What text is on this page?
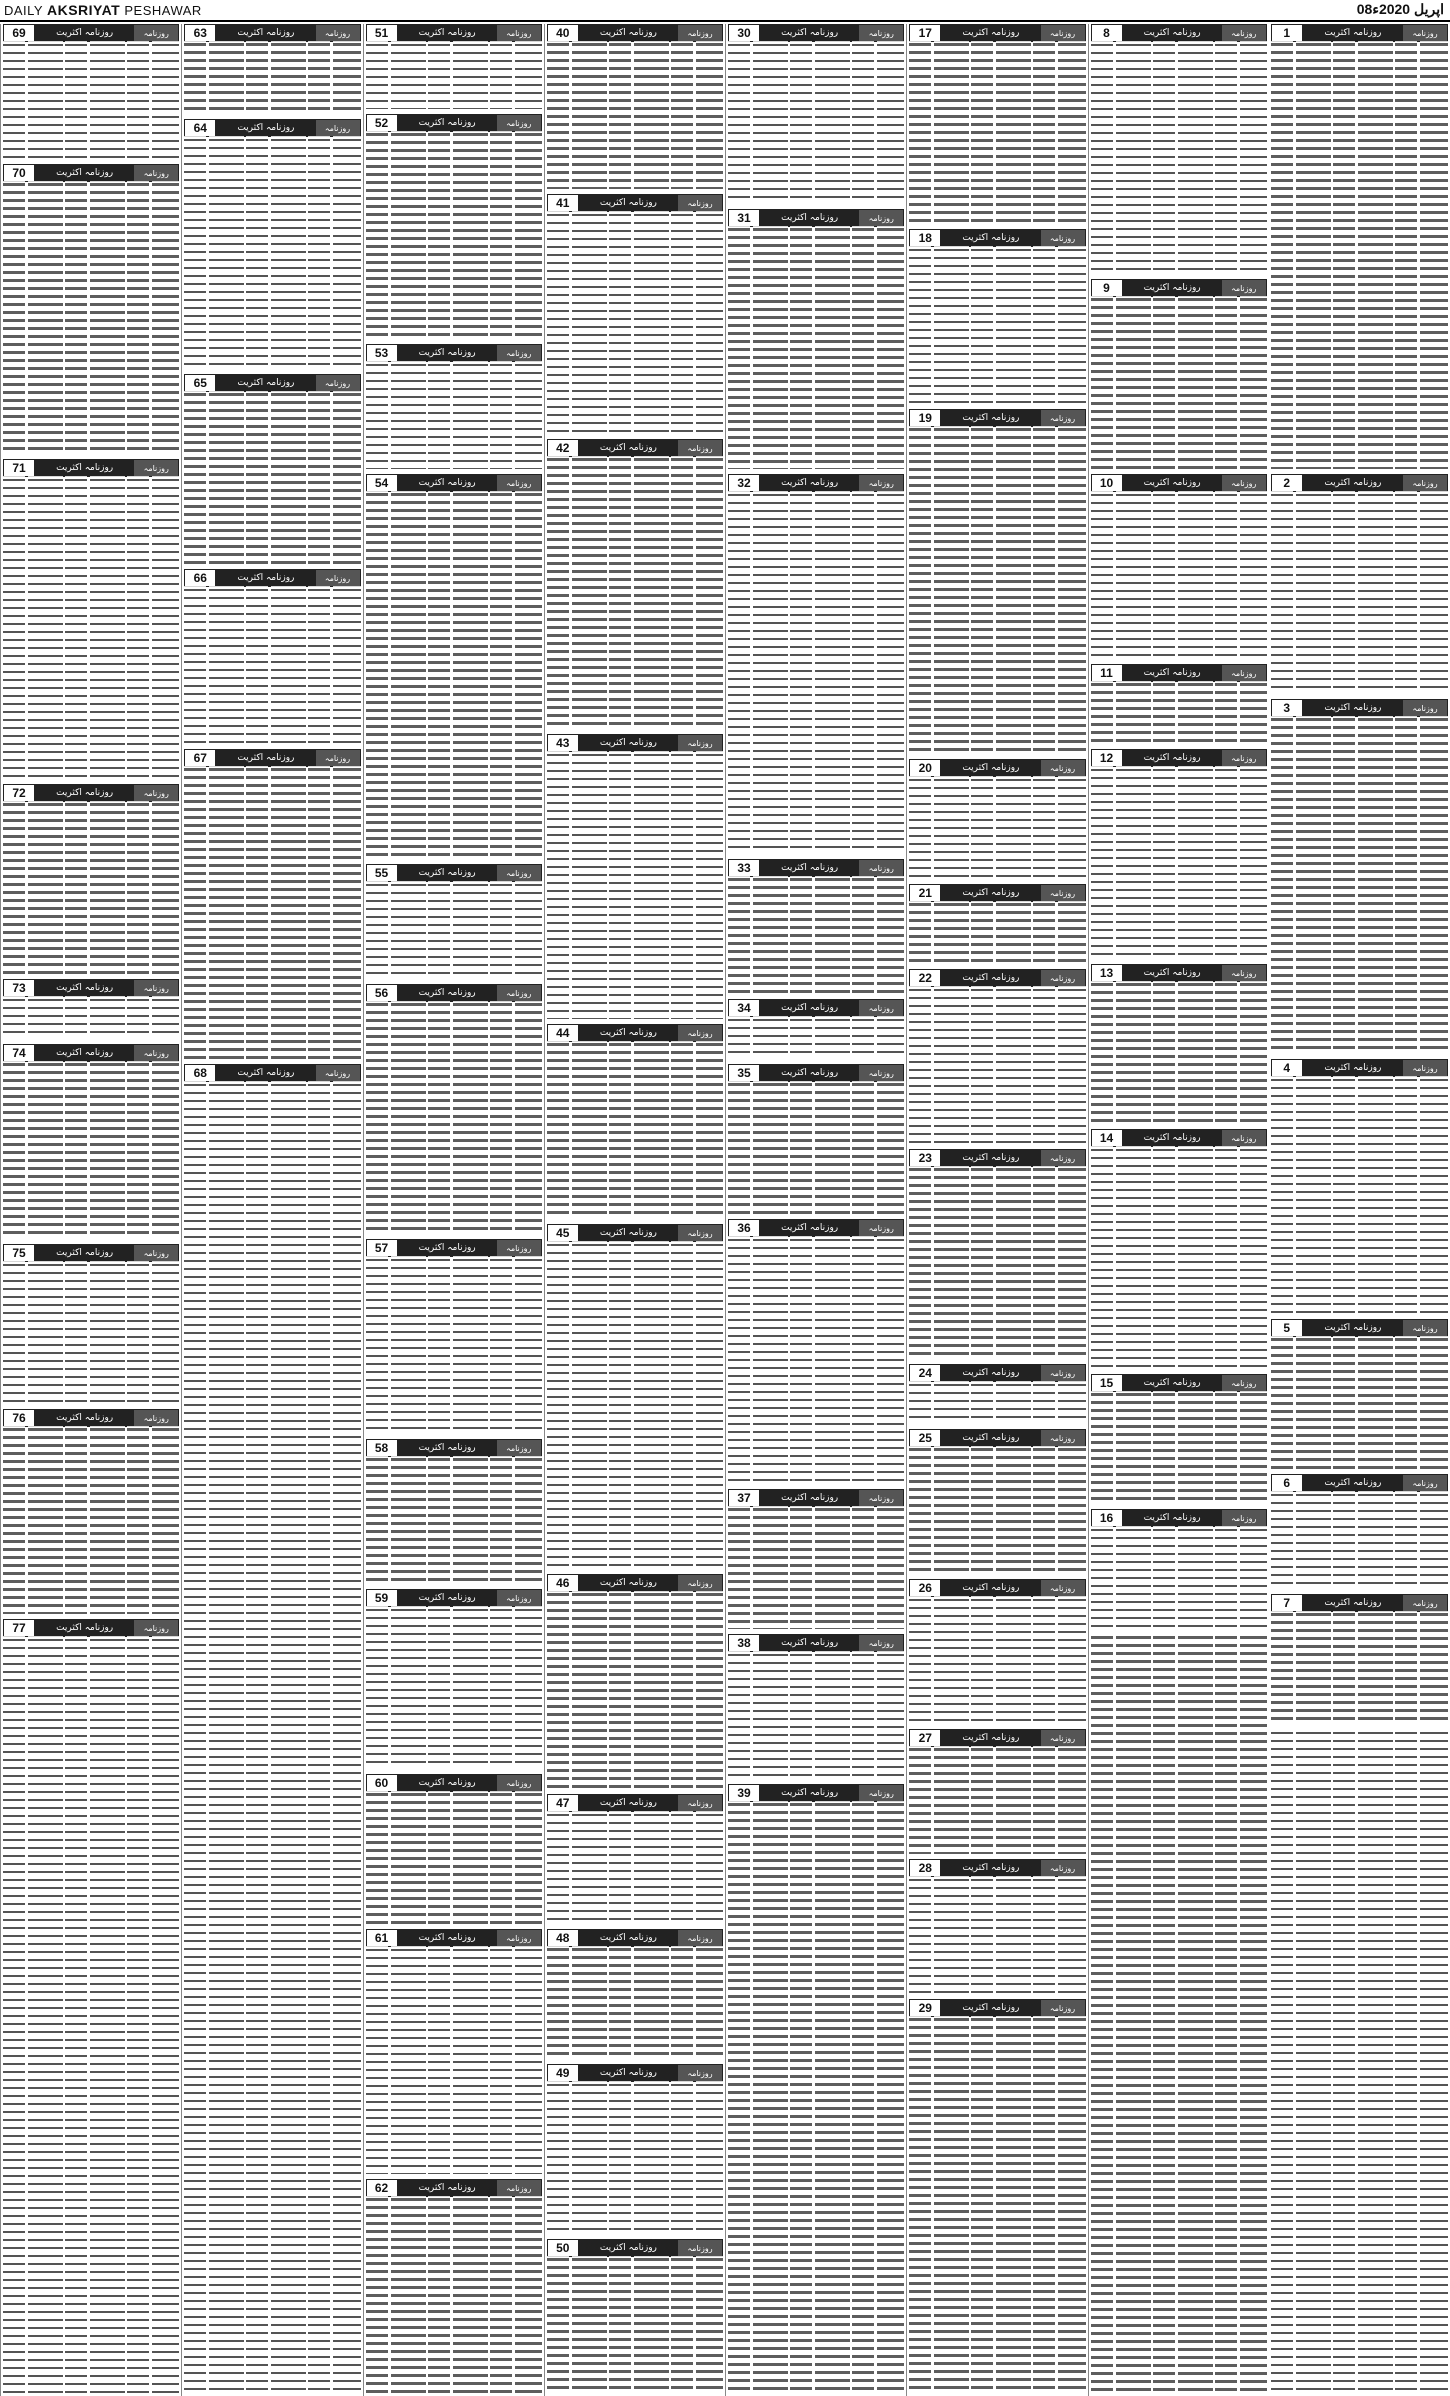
DAILY AKSRIYAT PESHAWAR	08اپریل 2020ء
1	روزنامہ اکثریت	روزنامہ
2	روزنامہ اکثریت	روزنامہ
3	روزنامہ اکثریت	روزنامہ
4	روزنامہ اکثریت	روزنامہ
5	روزنامہ اکثریت	روزنامہ
6	روزنامہ اکثریت	روزنامہ
7	روزنامہ اکثریت	روزنامہ
8	روزنامہ اکثریت	روزنامہ
9	روزنامہ اکثریت	روزنامہ
10	روزنامہ اکثریت	روزنامہ
11	روزنامہ اکثریت	روزنامہ
12	روزنامہ اکثریت	روزنامہ
13	روزنامہ اکثریت	روزنامہ
14	روزنامہ اکثریت	روزنامہ
15	روزنامہ اکثریت	روزنامہ
16	روزنامہ اکثریت	روزنامہ
17	روزنامہ اکثریت	روزنامہ
18	روزنامہ اکثریت	روزنامہ
19	روزنامہ اکثریت	روزنامہ
20	روزنامہ اکثریت	روزنامہ
21	روزنامہ اکثریت	روزنامہ
22	روزنامہ اکثریت	روزنامہ
23	روزنامہ اکثریت	روزنامہ
24	روزنامہ اکثریت	روزنامہ
25	روزنامہ اکثریت	روزنامہ
26	روزنامہ اکثریت	روزنامہ
27	روزنامہ اکثریت	روزنامہ
28	روزنامہ اکثریت	روزنامہ
29	روزنامہ اکثریت	روزنامہ
30	روزنامہ اکثریت	روزنامہ
31	روزنامہ اکثریت	روزنامہ
32	روزنامہ اکثریت	روزنامہ
33	روزنامہ اکثریت	روزنامہ
34	روزنامہ اکثریت	روزنامہ
35	روزنامہ اکثریت	روزنامہ
36	روزنامہ اکثریت	روزنامہ
37	روزنامہ اکثریت	روزنامہ
38	روزنامہ اکثریت	روزنامہ
39	روزنامہ اکثریت	روزنامہ
40	روزنامہ اکثریت	روزنامہ
41	روزنامہ اکثریت	روزنامہ
42	روزنامہ اکثریت	روزنامہ
43	روزنامہ اکثریت	روزنامہ
44	روزنامہ اکثریت	روزنامہ
45	روزنامہ اکثریت	روزنامہ
46	روزنامہ اکثریت	روزنامہ
47	روزنامہ اکثریت	روزنامہ
48	روزنامہ اکثریت	روزنامہ
49	روزنامہ اکثریت	روزنامہ
50	روزنامہ اکثریت	روزنامہ
51	روزنامہ اکثریت	روزنامہ
52	روزنامہ اکثریت	روزنامہ
53	روزنامہ اکثریت	روزنامہ
54	روزنامہ اکثریت	روزنامہ
55	روزنامہ اکثریت	روزنامہ
56	روزنامہ اکثریت	روزنامہ
57	روزنامہ اکثریت	روزنامہ
58	روزنامہ اکثریت	روزنامہ
59	روزنامہ اکثریت	روزنامہ
60	روزنامہ اکثریت	روزنامہ
61	روزنامہ اکثریت	روزنامہ
62	روزنامہ اکثریت	روزنامہ
63	روزنامہ اکثریت	روزنامہ
64	روزنامہ اکثریت	روزنامہ
65	روزنامہ اکثریت	روزنامہ
66	روزنامہ اکثریت	روزنامہ
67	روزنامہ اکثریت	روزنامہ
68	روزنامہ اکثریت	روزنامہ
69	روزنامہ اکثریت	روزنامہ
70	روزنامہ اکثریت	روزنامہ
71	روزنامہ اکثریت	روزنامہ
72	روزنامہ اکثریت	روزنامہ
73	روزنامہ اکثریت	روزنامہ
74	روزنامہ اکثریت	روزنامہ
75	روزنامہ اکثریت	روزنامہ
76	روزنامہ اکثریت	روزنامہ
77	روزنامہ اکثریت	روزنامہ
